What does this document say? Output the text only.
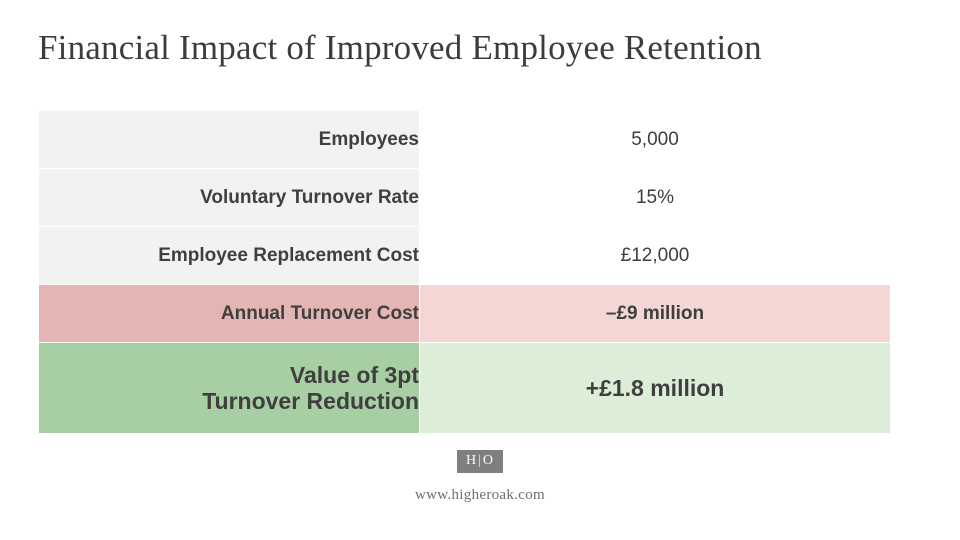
Financial Impact of Improved Employee Retention
Employees	5,000
Voluntary Turnover Rate	15%
Employee Replacement Cost	£12,000
Annual Turnover Cost	–£9 million

Value of 3pt
Turnover Reduction	+£1.8 million
H|O
www.higheroak.com
